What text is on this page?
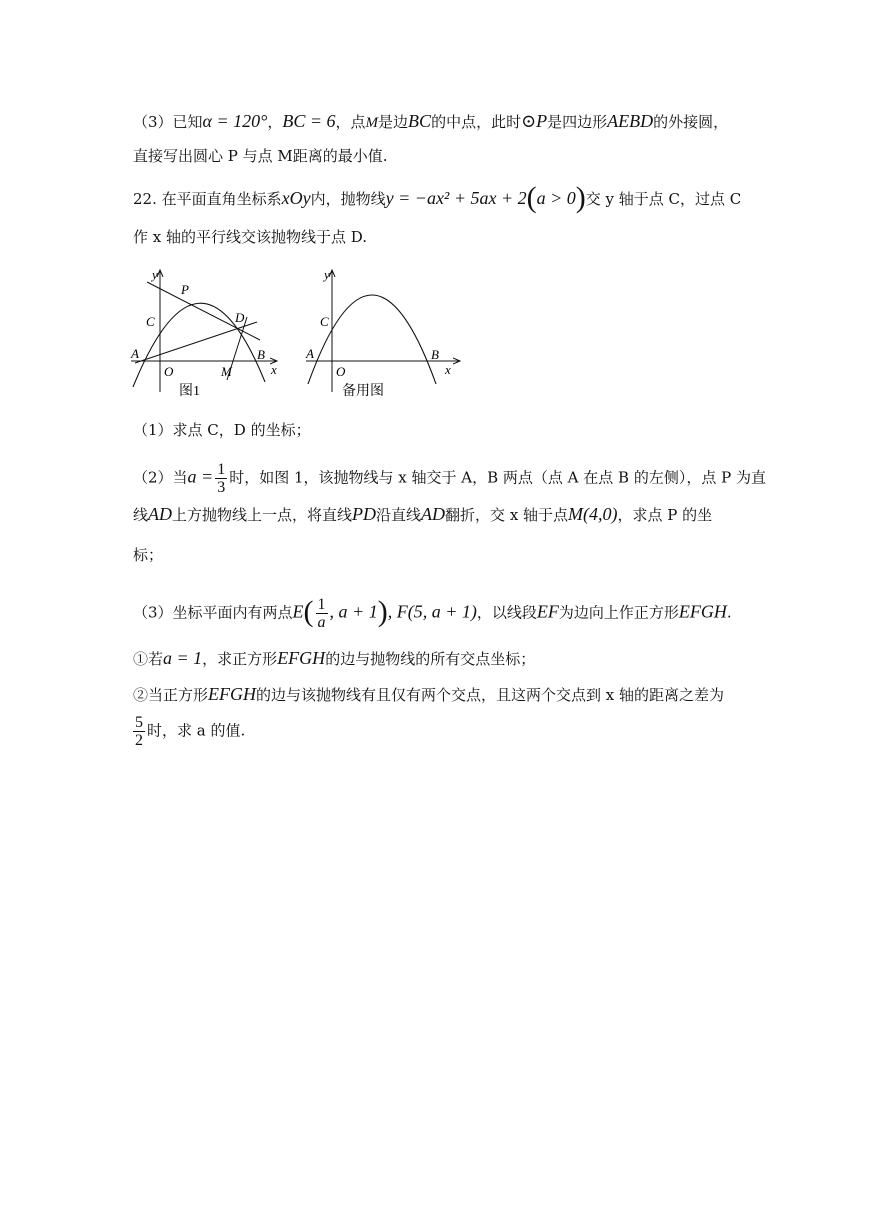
（3）已知α = 120°，BC = 6，点M是边BC的中点，此时⊙P是四边形AEBD的外接圆，
直接写出圆心 P 与点 M距离的最小值.
22. 在平面直角坐标系xOy内，抛物线y = −ax² + 5ax + 2(a > 0)交 y 轴于点 C，过点 C
作 x 轴的平行线交该抛物线于点 D.
y
x
O
A	B
C	D
P
M
图1
y
x
O
A	B
C
备用图
（1）求点 C，D 的坐标；
（2）当$a = \frac{1}{3}$ 时，如图 1，该抛物线与 x 轴交于 A，B 两点（点 A 在点 B 的左侧），点 P 为直
线AD上方抛物线上一点，将直线PD沿直线AD翻折，交 x 轴于点M(4,0)，求点 P 的坐
标；
（3）坐标平面内有两点$E( \frac{1}{a}$ , a + 1), F(5, a + 1)，以线段EF为边向上作正方形EFGH.
①若a = 1，求正方形EFGH的边与抛物线的所有交点坐标；
②当正方形EFGH的边与该抛物线有且仅有两个交点，且这两个交点到 x 轴的距离之差为
$\frac{5}{2}$ 时，求 a 的值.
